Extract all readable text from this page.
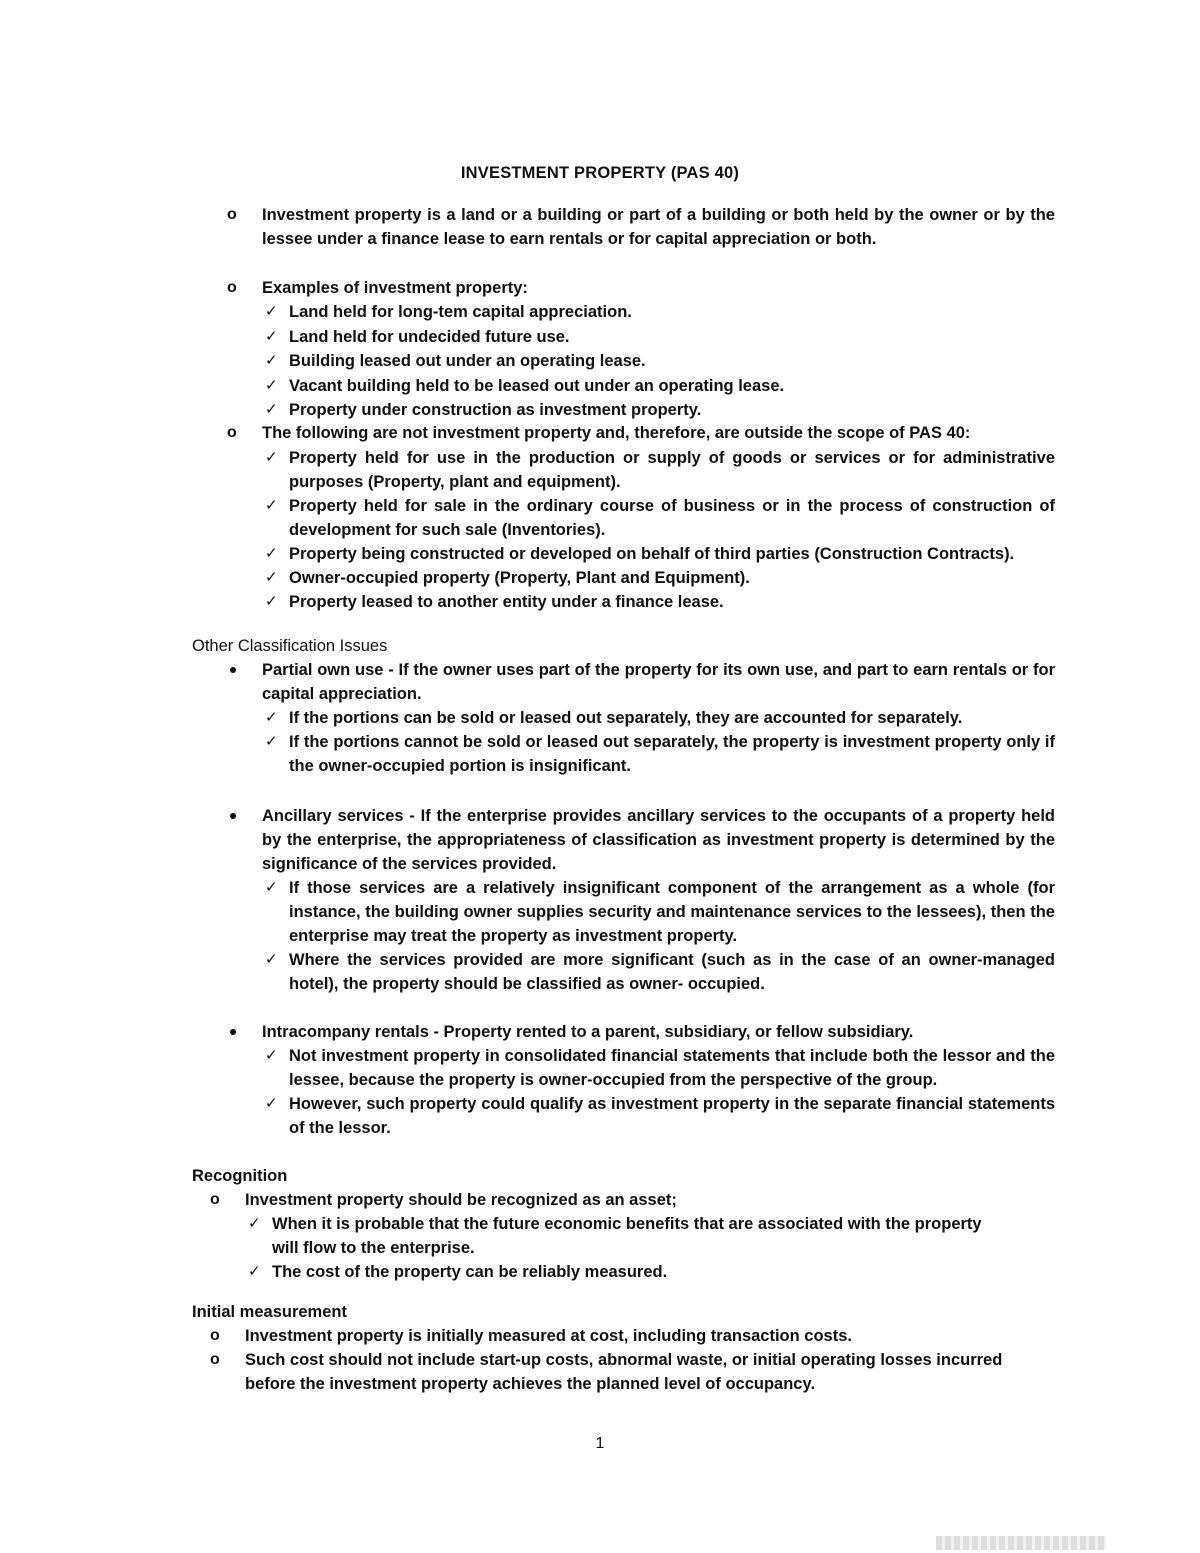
INVESTMENT PROPERTY (PAS 40)
o	Investment property is a land or a building or part of a building or both held by the owner or by the lessee under a finance lease to earn rentals or for capital appreciation or both.
o	Examples of investment property:
✓ Land held for long-tem capital appreciation.
✓ Land held for undecided future use.
✓ Building leased out under an operating lease.
✓ Vacant building held to be leased out under an operating lease.
✓ Property under construction as investment property.
o	The following are not investment property and, therefore, are outside the scope of PAS 40:
✓ Property held for use in the production or supply of goods or services or for administrative purposes (Property, plant and equipment).
✓ Property held for sale in the ordinary course of business or in the process of construction of development for such sale (Inventories).
✓ Property being constructed or developed on behalf of third parties (Construction Contracts).
✓ Owner-occupied property (Property, Plant and Equipment).
✓ Property leased to another entity under a finance lease.
Other Classification Issues
Partial own use - If the owner uses part of the property for its own use, and part to earn rentals or for capital appreciation.
✓ If the portions can be sold or leased out separately, they are accounted for separately.
✓ If the portions cannot be sold or leased out separately, the property is investment property only if the owner-occupied portion is insignificant.
Ancillary services - If the enterprise provides ancillary services to the occupants of a property held by the enterprise, the appropriateness of classification as investment property is determined by the significance of the services provided.
✓ If those services are a relatively insignificant component of the arrangement as a whole (for instance, the building owner supplies security and maintenance services to the lessees), then the enterprise may treat the property as investment property.
✓ Where the services provided are more significant (such as in the case of an owner-managed hotel), the property should be classified as owner- occupied.
Intracompany rentals - Property rented to a parent, subsidiary, or fellow subsidiary.
✓ Not investment property in consolidated financial statements that include both the lessor and the lessee, because the property is owner-occupied from the perspective of the group.
✓ However, such property could qualify as investment property in the separate financial statements of the lessor.
Recognition
o	Investment property should be recognized as an asset;
✓ When it is probable that the future economic benefits that are associated with the property will flow to the enterprise.
✓ The cost of the property can be reliably measured.
Initial measurement
o	Investment property is initially measured at cost, including transaction costs.
o	Such cost should not include start-up costs, abnormal waste, or initial operating losses incurred before the investment property achieves the planned level of occupancy.
1
